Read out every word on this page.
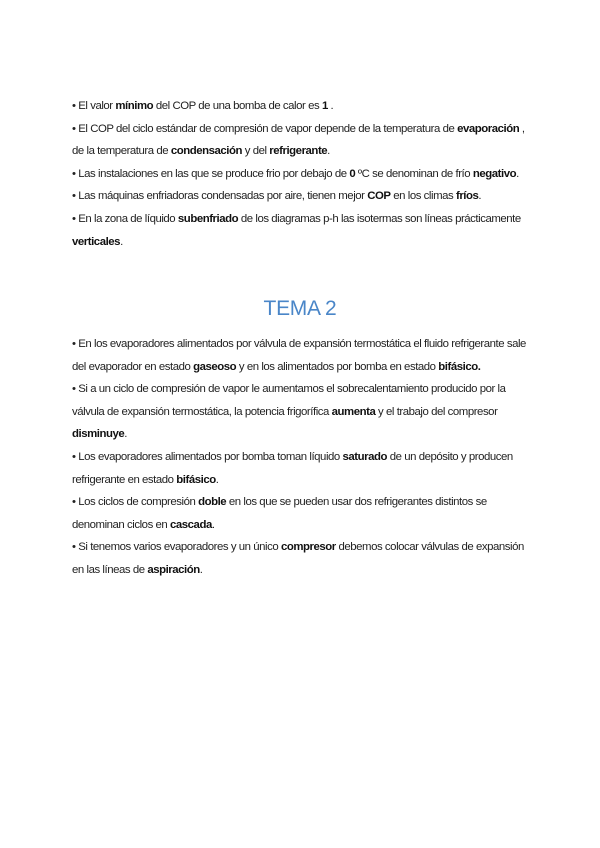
• El valor mínimo del COP de una bomba de calor es 1 .

• El COP del ciclo estándar de compresión de vapor depende de la temperatura de evaporación , de la temperatura de condensación y del refrigerante.

• Las instalaciones en las que se produce frio por debajo de 0 ºC se denominan de frío negativo.

• Las máquinas enfriadoras condensadas por aire, tienen mejor COP en los climas fríos.

• En la zona de líquido subenfriado de los diagramas p-h las isotermas son líneas prácticamente verticales.

TEMA 2

• En los evaporadores alimentados por válvula de expansión termostática el fluido refrigerante sale del evaporador en estado gaseoso y en los alimentados por bomba en estado bifásico.

• Si a un ciclo de compresión de vapor le aumentamos el sobrecalentamiento producido por la válvula de expansión termostática, la potencia frigorífica aumenta y el trabajo del compresor disminuye.

• Los evaporadores alimentados por bomba toman líquido saturado de un depósito y producen refrigerante en estado bifásico.

• Los ciclos de compresión doble en los que se pueden usar dos refrigerantes distintos se denominan ciclos en cascada.

• Si tenemos varios evaporadores y un único compresor debemos colocar válvulas de expansión en las líneas de aspiración.
